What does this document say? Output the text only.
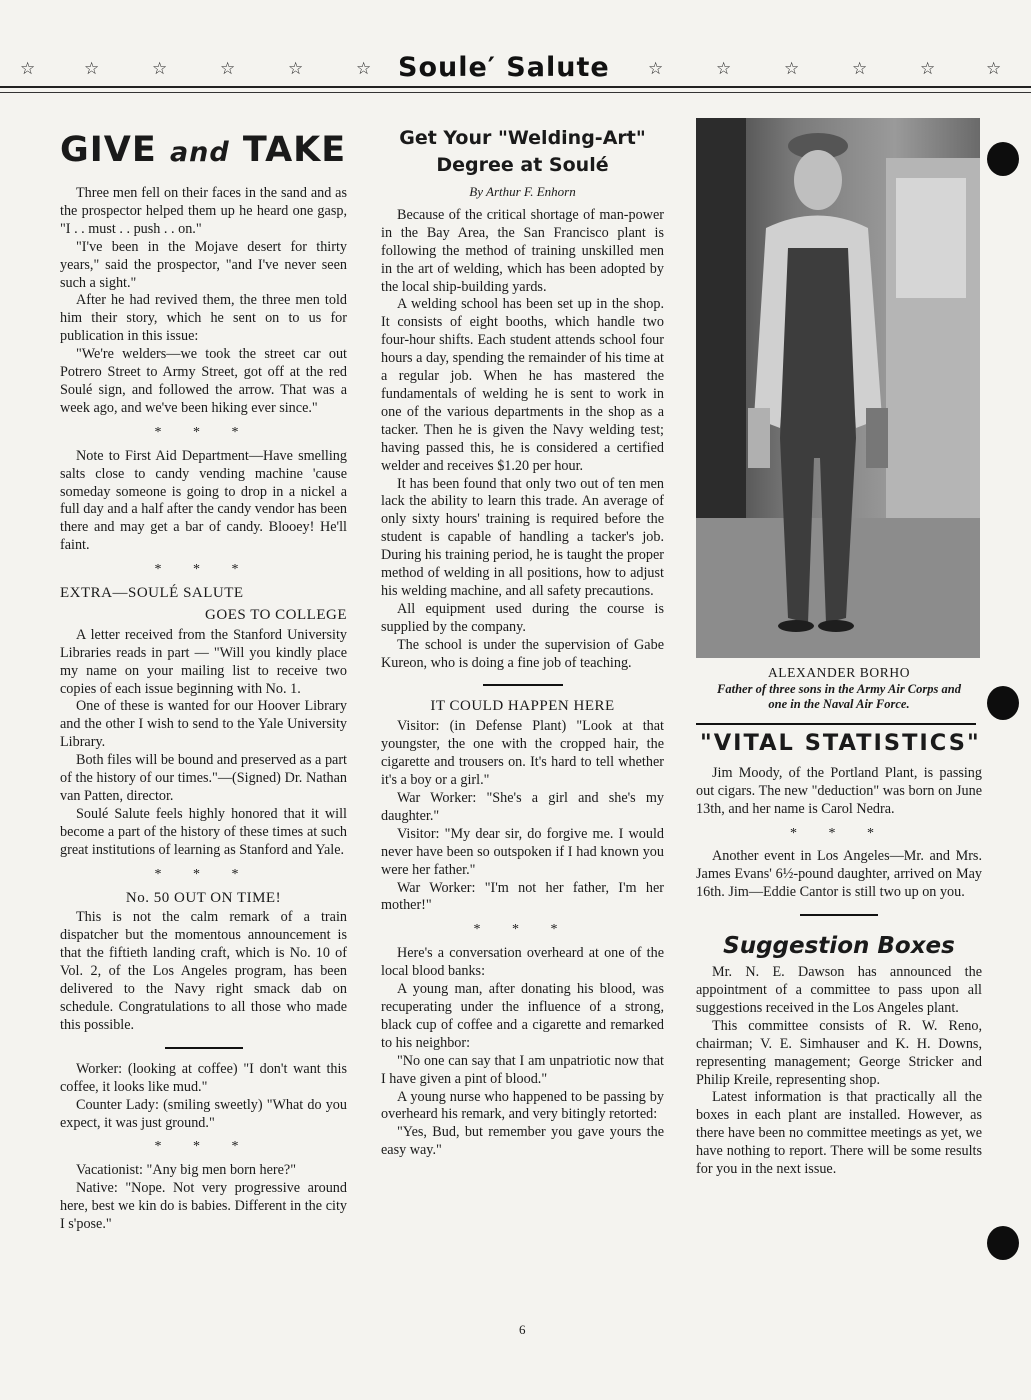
☆	☆	☆	☆	☆	☆ Soule′ Salute ☆	☆	☆	☆	☆	☆
GIVE and TAKE

Three men fell on their faces in the sand and as the prospector helped them up he heard one gasp, "I . . must . . push . . on."

"I've been in the Mojave desert for thirty years," said the prospector, "and I've never seen such a sight."

After he had revived them, the three men told him their story, which he sent on to us for publication in this issue:

"We're welders—we took the street car out Potrero Street to Army Street, got off at the red Soulé sign, and followed the arrow. That was a week ago, and we've been hiking ever since."

* * *

Note to First Aid Department—Have smelling salts close to candy vending machine 'cause someday someone is going to drop in a nickel a full day and a half after the candy vendor has been there and may get a bar of candy. Blooey! He'll faint.

* * *
EXTRA—SOULÉ SALUTE
GOES TO COLLEGE

A letter received from the Stanford University Libraries reads in part — "Will you kindly place my name on your mailing list to receive two copies of each issue beginning with No. 1.

One of these is wanted for our Hoover Library and the other I wish to send to the Yale University Library.

Both files will be bound and preserved as a part of the history of our times."—(Signed) Dr. Nathan van Patten, director.

Soulé Salute feels highly honored that it will become a part of the history of these times at such great institutions of learning as Stanford and Yale.

* * *
No. 50 OUT ON TIME!

This is not the calm remark of a train dispatcher but the momentous announcement is that the fiftieth landing craft, which is No. 10 of Vol. 2, of the Los Angeles program, has been delivered to the Navy right smack dab on schedule. Congratulations to all those who made this possible.

Worker: (looking at coffee) "I don't want this coffee, it looks like mud."

Counter Lady: (smiling sweetly) "What do you expect, it was just ground."

* * *

Vacationist: "Any big men born here?"

Native: "Nope. Not very progressive around here, best we kin do is babies. Different in the city I s'pose."

Get Your "Welding-Art"
Degree at Soulé
By Arthur F. Enhorn

Because of the critical shortage of man-power in the Bay Area, the San Francisco plant is following the method of training unskilled men in the art of welding, which has been adopted by the local ship-building yards.

A welding school has been set up in the shop. It consists of eight booths, which handle two four-hour shifts. Each student attends school four hours a day, spending the remainder of his time at a regular job. When he has mastered the fundamentals of welding he is sent to work in one of the various departments in the shop as a tacker. Then he is given the Navy welding test; having passed this, he is considered a certified welder and receives $1.20 per hour.

It has been found that only two out of ten men lack the ability to learn this trade. An average of only sixty hours' training is required before the student is capable of handling a tacker's job. During his training period, he is taught the proper method of welding in all positions, how to adjust his welding machine, and all safety precautions.

All equipment used during the course is supplied by the company.

The school is under the supervision of Gabe Kureon, who is doing a fine job of teaching.

IT COULD HAPPEN HERE

Visitor: (in Defense Plant) "Look at that youngster, the one with the cropped hair, the cigarette and trousers on. It's hard to tell whether it's a boy or a girl."

War Worker: "She's a girl and she's my daughter."

Visitor: "My dear sir, do forgive me. I would never have been so outspoken if I had known you were her father."

War Worker: "I'm not her father, I'm her mother!"

* * *

Here's a conversation overheard at one of the local blood banks:

A young man, after donating his blood, was recuperating under the influence of a strong, black cup of coffee and a cigarette and remarked to his neighbor:

"No one can say that I am unpatriotic now that I have given a pint of blood."

A young nurse who happened to be passing by overheard his remark, and very bitingly retorted:

"Yes, Bud, but remember you gave yours the easy way."

ALEXANDER BORHO
Father of three sons in the Army Air Corps and
one in the Naval Air Force.
"VITAL STATISTICS"

Jim Moody, of the Portland Plant, is passing out cigars. The new "deduction" was born on June 13th, and her name is Carol Nedra.

* * *

Another event in Los Angeles—Mr. and Mrs. James Evans' 6½-pound daughter, arrived on May 16th. Jim—Eddie Cantor is still two up on you.

Suggestion Boxes

Mr. N. E. Dawson has announced the appointment of a committee to pass upon all suggestions received in the Los Angeles plant.

This committee consists of R. W. Reno, chairman; V. E. Simhauser and K. H. Downs, representing management; George Stricker and Philip Kreile, representing shop.

Latest information is that practically all the boxes in each plant are installed. However, as there have been no committee meetings as yet, we have nothing to report. There will be some results for you in the next issue.

6
